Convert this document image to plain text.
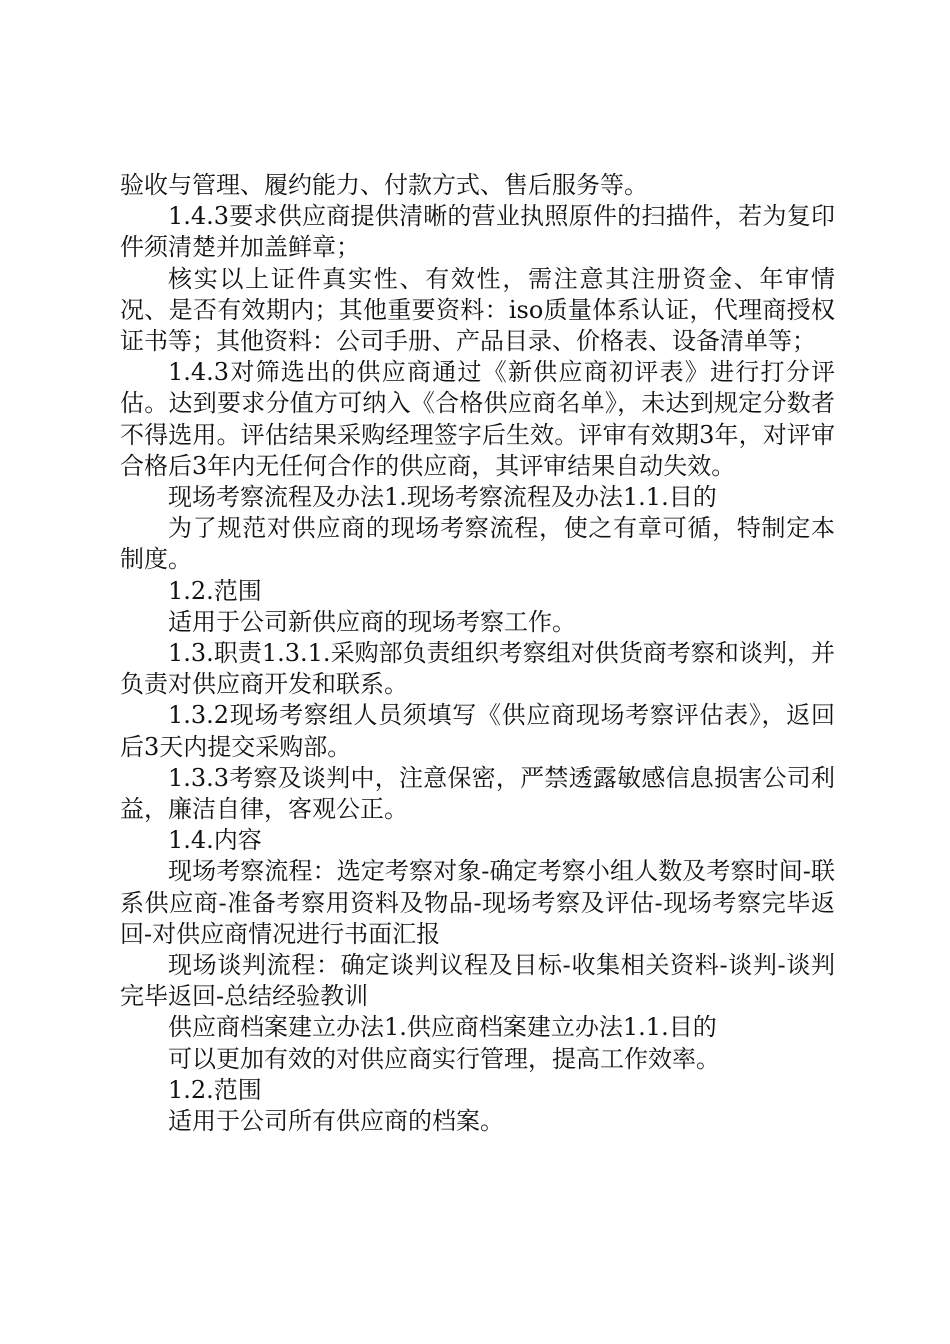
验收与管理、履约能力、付款方式、售后服务等。

1.4.3要求供应商提供清晰的营业执照原件的扫描件，若为复印件须清楚并加盖鲜章；

核实以上证件真实性、有效性，需注意其注册资金、年审情况、是否有效期内；其他重要资料：iso质量体系认证，代理商授权证书等；其他资料：公司手册、产品目录、价格表、设备清单等；

1.4.3对筛选出的供应商通过《新供应商初评表》进行打分评估。达到要求分值方可纳入《合格供应商名单》，未达到规定分数者不得选用。评估结果采购经理签字后生效。评审有效期3年，对评审合格后3年内无任何合作的供应商，其评审结果自动失效。

现场考察流程及办法1.现场考察流程及办法1.1.目的

为了规范对供应商的现场考察流程，使之有章可循，特制定本制度。

1.2.范围

适用于公司新供应商的现场考察工作。

1.3.职责1.3.1.采购部负责组织考察组对供货商考察和谈判，并负责对供应商开发和联系。

1.3.2现场考察组人员须填写《供应商现场考察评估表》，返回后3天内提交采购部。

1.3.3考察及谈判中，注意保密，严禁透露敏感信息损害公司利益，廉洁自律，客观公正。

1.4.内容

现场考察流程：选定考察对象-确定考察小组人数及考察时间-联系供应商-准备考察用资料及物品-现场考察及评估-现场考察完毕返回-对供应商情况进行书面汇报

现场谈判流程：确定谈判议程及目标-收集相关资料-谈判-谈判完毕返回-总结经验教训

供应商档案建立办法1.供应商档案建立办法1.1.目的

可以更加有效的对供应商实行管理，提高工作效率。

1.2.范围

适用于公司所有供应商的档案。
